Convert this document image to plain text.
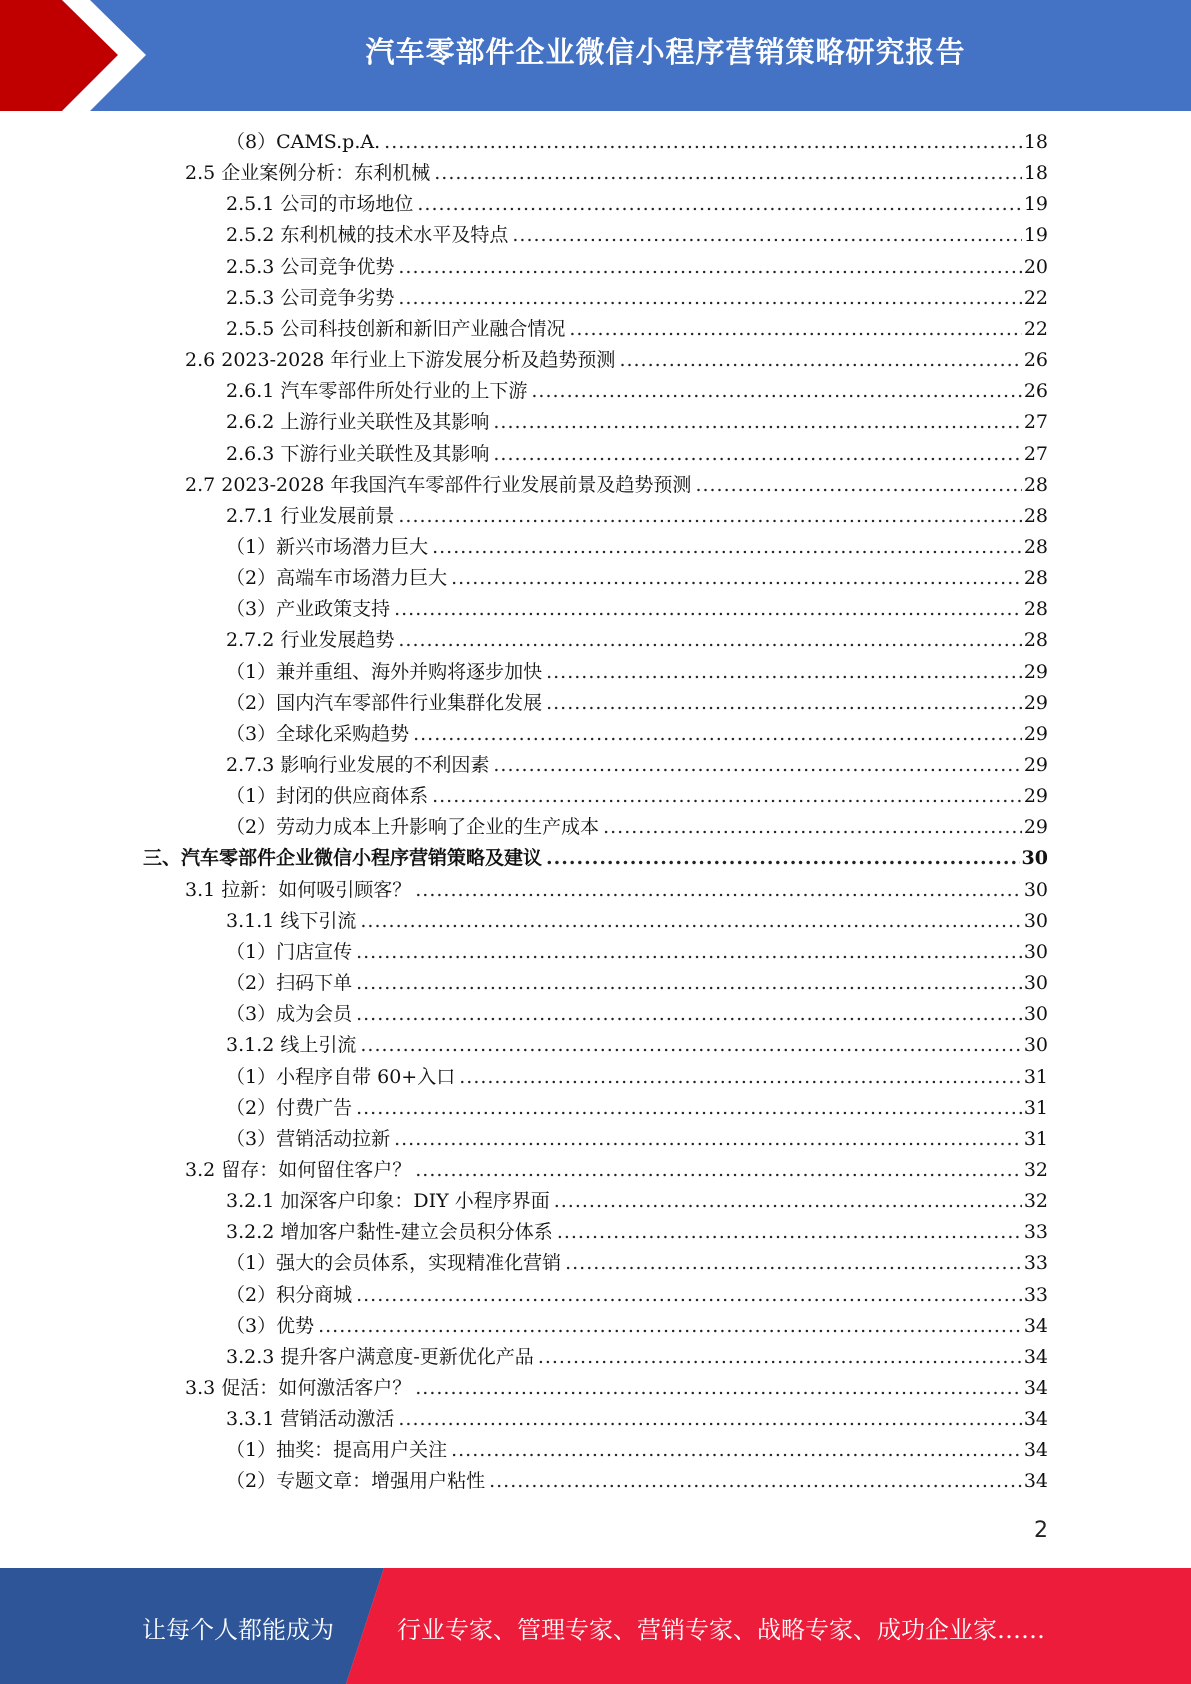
汽车零部件企业微信小程序营销策略研究报告
（8）CAMS.p.A. .....	18
2.5 企业案例分析：东利机械 .....	18
2.5.1 公司的市场地位 .....	19
2.5.2 东利机械的技术水平及特点 .....	19
2.5.3 公司竞争优势 .....	20
2.5.3 公司竞争劣势 .....	22
2.5.5 公司科技创新和新旧产业融合情况 .....	22
2.6 2023-2028 年行业上下游发展分析及趋势预测 .....	26
2.6.1 汽车零部件所处行业的上下游 .....	26
2.6.2 上游行业关联性及其影响 .....	27
2.6.3 下游行业关联性及其影响 .....	27
2.7 2023-2028 年我国汽车零部件行业发展前景及趋势预测 .....	28
2.7.1 行业发展前景 .....	28
（1）新兴市场潜力巨大 .....	28
（2）高端车市场潜力巨大 .....	28
（3）产业政策支持 .....	28
2.7.2 行业发展趋势 .....	28
（1）兼并重组、海外并购将逐步加快 .....	29
（2）国内汽车零部件行业集群化发展 .....	29
（3）全球化采购趋势 .....	29
2.7.3 影响行业发展的不利因素 .....	29
（1）封闭的供应商体系 .....	29
（2）劳动力成本上升影响了企业的生产成本 .....	29
三、汽车零部件企业微信小程序营销策略及建议 .....	30
3.1 拉新：如何吸引顾客？ .....	30
3.1.1 线下引流 .....	30
（1）门店宣传 .....	30
（2）扫码下单 .....	30
（3）成为会员 .....	30
3.1.2 线上引流 .....	30
（1）小程序自带 60+入口 .....	31
（2）付费广告 .....	31
（3）营销活动拉新 .....	31
3.2 留存：如何留住客户？ .....	32
3.2.1 加深客户印象：DIY 小程序界面 .....	32
3.2.2 增加客户黏性-建立会员积分体系 .....	33
（1）强大的会员体系，实现精准化营销 .....	33
（2）积分商城 .....	33
（3）优势 .....	34
3.2.3 提升客户满意度-更新优化产品 .....	34
3.3 促活：如何激活客户？ .....	34
3.3.1 营销活动激活 .....	34
（1）抽奖：提高用户关注 .....	34
（2）专题文章：增强用户粘性 .....	34
2
让每个人都能成为	行业专家、管理专家、营销专家、战略专家、成功企业家……
